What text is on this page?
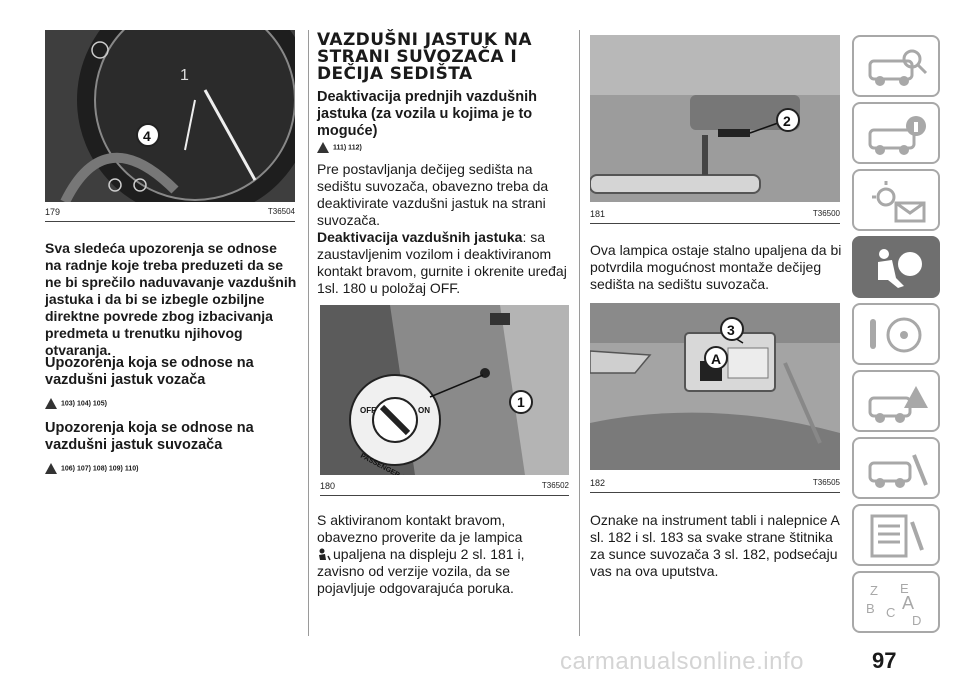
1
4
179	T36504
Sva sledeća upozorenja se odnose na radnje koje treba preduzeti da se ne bi sprečilo naduvavanje vazdušnih jastuka i da bi se izbegle ozbiljne direktne povrede zbog izbacivanja predmeta u trenutku njihovog otvaranja.
Upozorenja koja se odnose na vazdušni jastuk vozača
103) 104) 105)
Upozorenja koja se odnose na vazdušni jastuk suvozača
106) 107) 108) 109) 110)
VAZDUŠNI JASTUK NA STRANI SUVOZAČA I DEČIJA SEDIŠTA
Deaktivacija prednjih vazdušnih jastuka (za vozila u kojima je to moguće)
111) 112)
Pre postavljanja dečijeg sedišta na sedištu suvozača, obavezno treba da deaktivirate vazdušni jastuk na strani suvozača.
Deaktivacija vazdušnih jastuka: sa zaustavljenim vozilom i deaktiviranom kontakt bravom, gurnite i okrenite uređaj 1sl. 180 u položaj OFF.
OFF	ON
1
180	T36502
S aktiviranom kontakt bravom, obavezno proverite da je lampica
upaljena na displeju 2 sl. 181 i, zavisno od verzije vozila, da se pojavljuje odgovarajuća poruka.
2
181	T36500
Ova lampica ostaje stalno upaljena da bi potvrdila mogućnost montaže dečijeg sedišta na sedištu suvozača.
A
3
182	T36505
Oznake na instrument tabli i nalepnice A sl. 182 i sl. 183 sa svake strane štitnika za sunce suvozača 3 sl. 182, podsećaju vas na ova uputstva.
Z E
B C A
D
97
carmanualsonline.info
